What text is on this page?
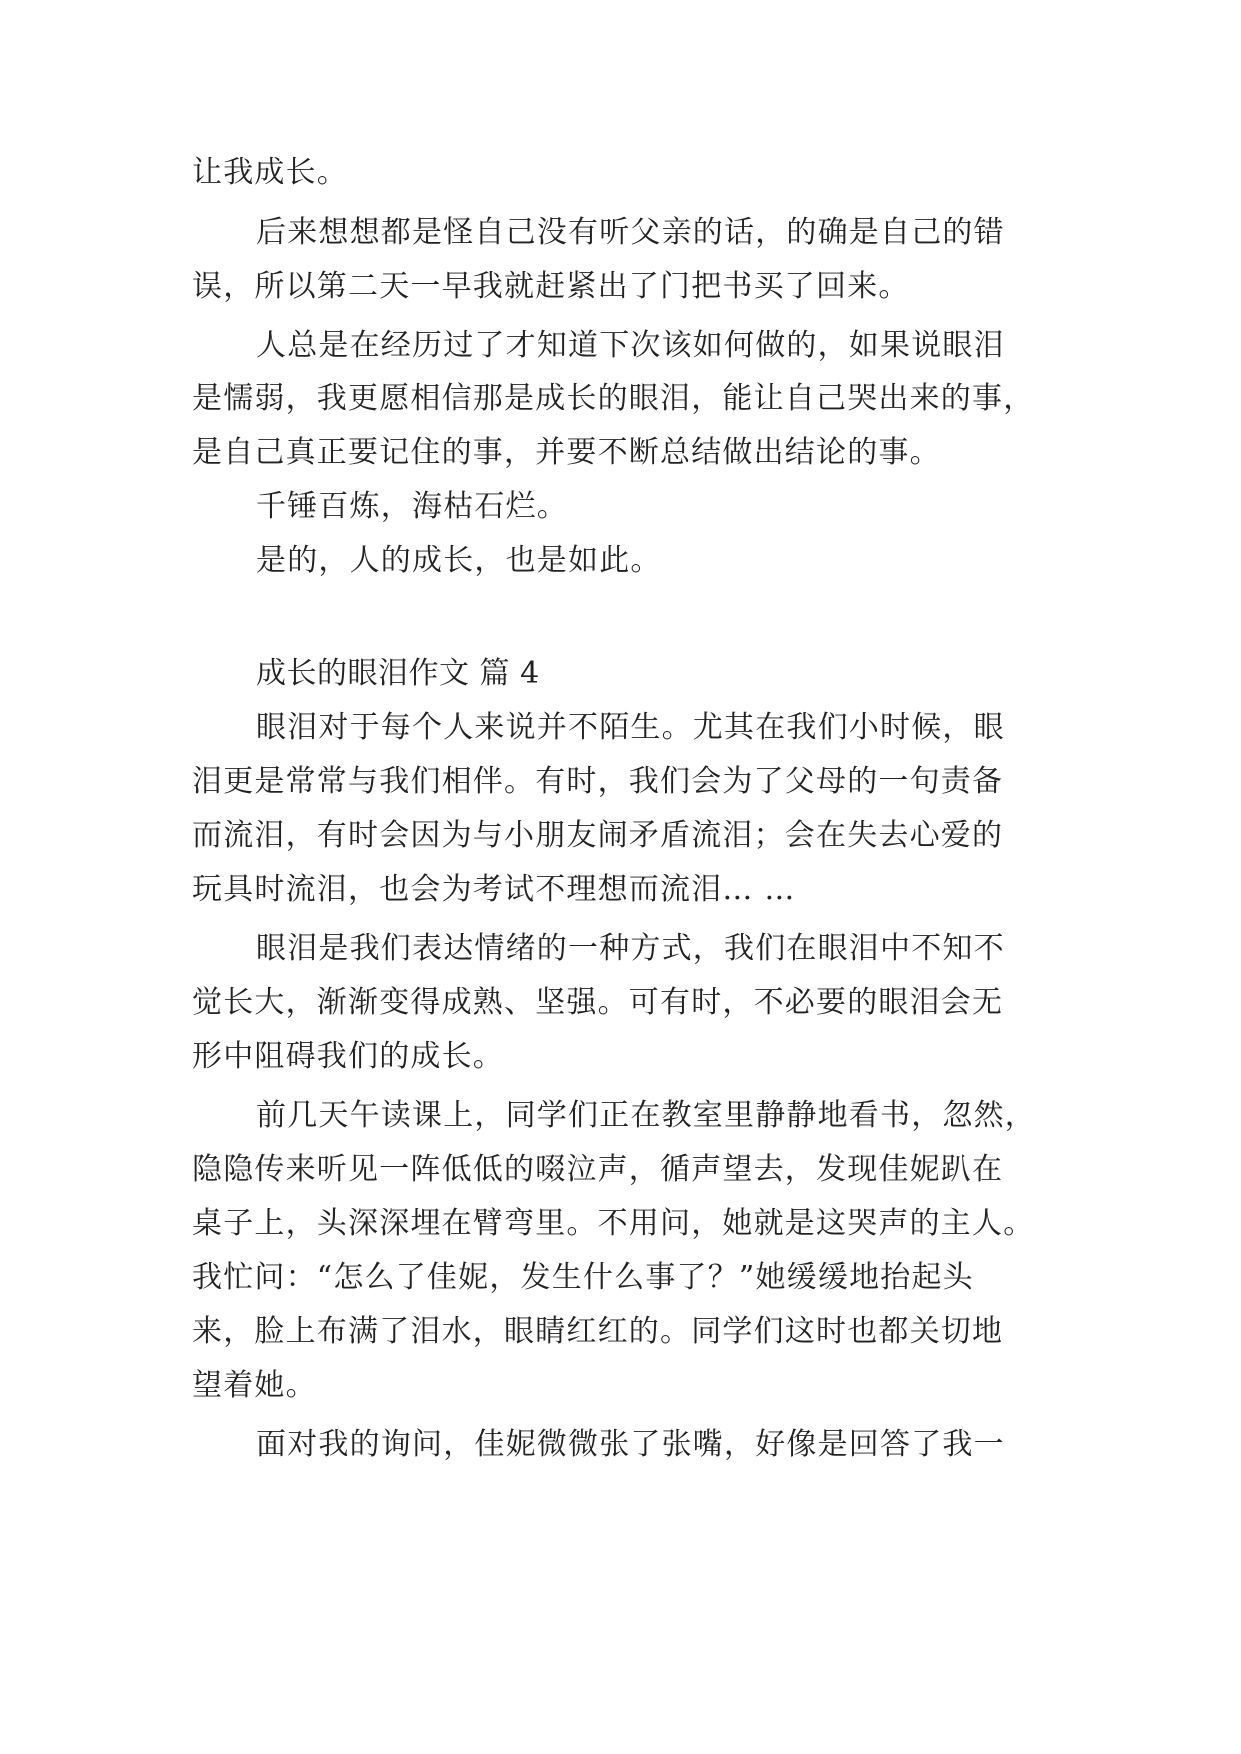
让我成长。
后来想想都是怪自己没有听父亲的话，的确是自己的错
误，所以第二天一早我就赶紧出了门把书买了回来。
人总是在经历过了才知道下次该如何做的，如果说眼泪
是懦弱，我更愿相信那是成长的眼泪，能让自己哭出来的事，
是自己真正要记住的事，并要不断总结做出结论的事。
千锤百炼，海枯石烂。
是的，人的成长，也是如此。
成长的眼泪作文 篇 4
眼泪对于每个人来说并不陌生。尤其在我们小时候，眼
泪更是常常与我们相伴。有时，我们会为了父母的一句责备
而流泪，有时会因为与小朋友闹矛盾流泪；会在失去心爱的
玩具时流泪，也会为考试不理想而流泪… …
眼泪是我们表达情绪的一种方式，我们在眼泪中不知不
觉长大，渐渐变得成熟、坚强。可有时，不必要的眼泪会无
形中阻碍我们的成长。
前几天午读课上，同学们正在教室里静静地看书，忽然，
隐隐传来听见一阵低低的啜泣声，循声望去，发现佳妮趴在
桌子上，头深深埋在臂弯里。不用问，她就是这哭声的主人。
我忙问：“怎么了佳妮，发生什么事了？”她缓缓地抬起头
来，脸上布满了泪水，眼睛红红的。同学们这时也都关切地
望着她。
面对我的询问，佳妮微微张了张嘴，好像是回答了我一
